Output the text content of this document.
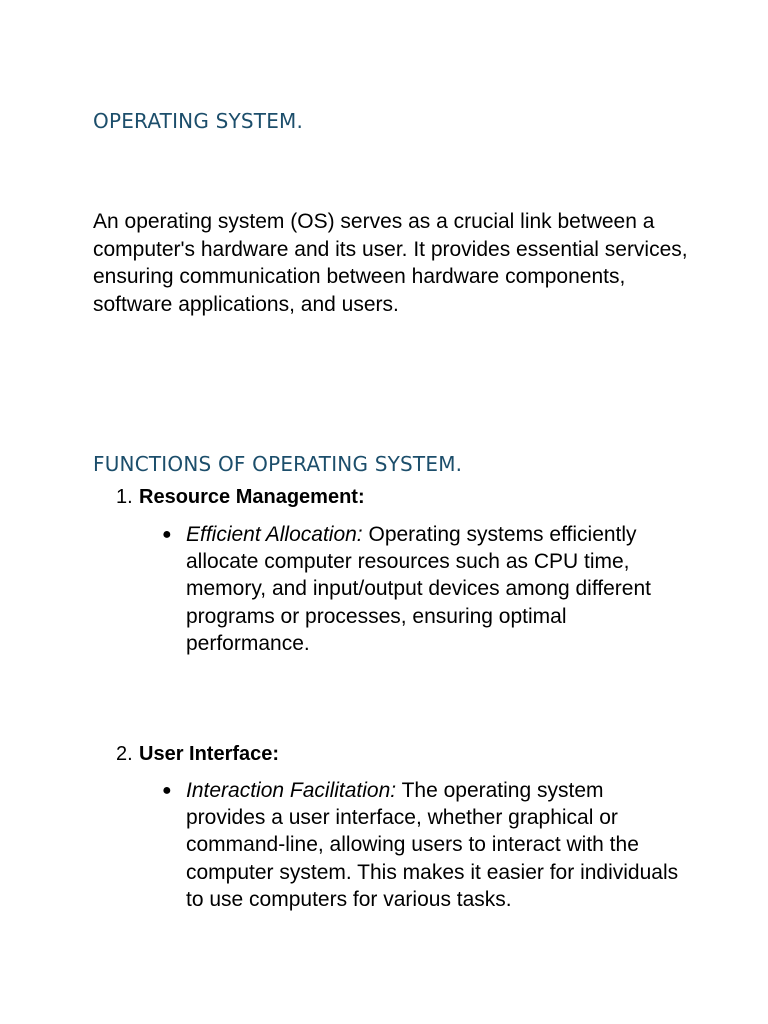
OPERATING SYSTEM.

An operating system (OS) serves as a crucial link between a computer's hardware and its user. It provides essential services, ensuring communication between hardware components, software applications, and users.

FUNCTIONS OF OPERATING SYSTEM.

1. Resource Management:

● Efficient Allocation: Operating systems efficiently allocate computer resources such as CPU time, memory, and input/output devices among different programs or processes, ensuring optimal performance.

2. User Interface:

● Interaction Facilitation: The operating system provides a user interface, whether graphical or command-line, allowing users to interact with the computer system. This makes it easier for individuals to use computers for various tasks.
